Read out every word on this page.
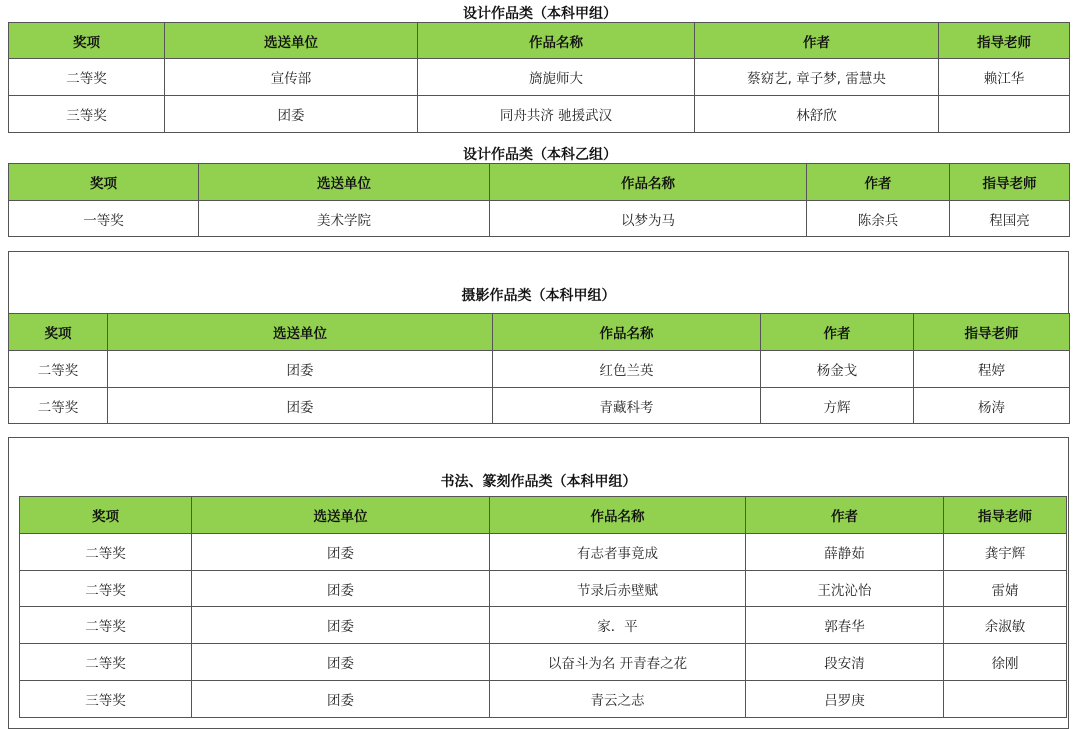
设计作品类（本科甲组）
奖项	选送单位	作品名称	作者	指导老师
二等奖	宣传部	旖旎师大	蔡窈艺, 章子梦, 雷慧央	赖江华
三等奖	团委	同舟共济 驰援武汉	林舒欣	
设计作品类（本科乙组）
奖项	选送单位	作品名称	作者	指导老师
一等奖	美术学院	以梦为马	陈余兵	程国亮
摄影作品类（本科甲组）
奖项	选送单位	作品名称	作者	指导老师
二等奖	团委	红色兰英	杨金戈	程婷
二等奖	团委	青藏科考	方辉	杨涛
书法、篆刻作品类（本科甲组）
奖项	选送单位	作品名称	作者	指导老师
二等奖	团委	有志者事竟成	薛静茹	龚宇辉
二等奖	团委	节录后赤壁赋	王沈沁怡	雷婧
二等奖	团委	家．平	郭春华	余淑敏
二等奖	团委	以奋斗为名 开青春之花	段安清	徐刚
三等奖	团委	青云之志	吕罗庚	
